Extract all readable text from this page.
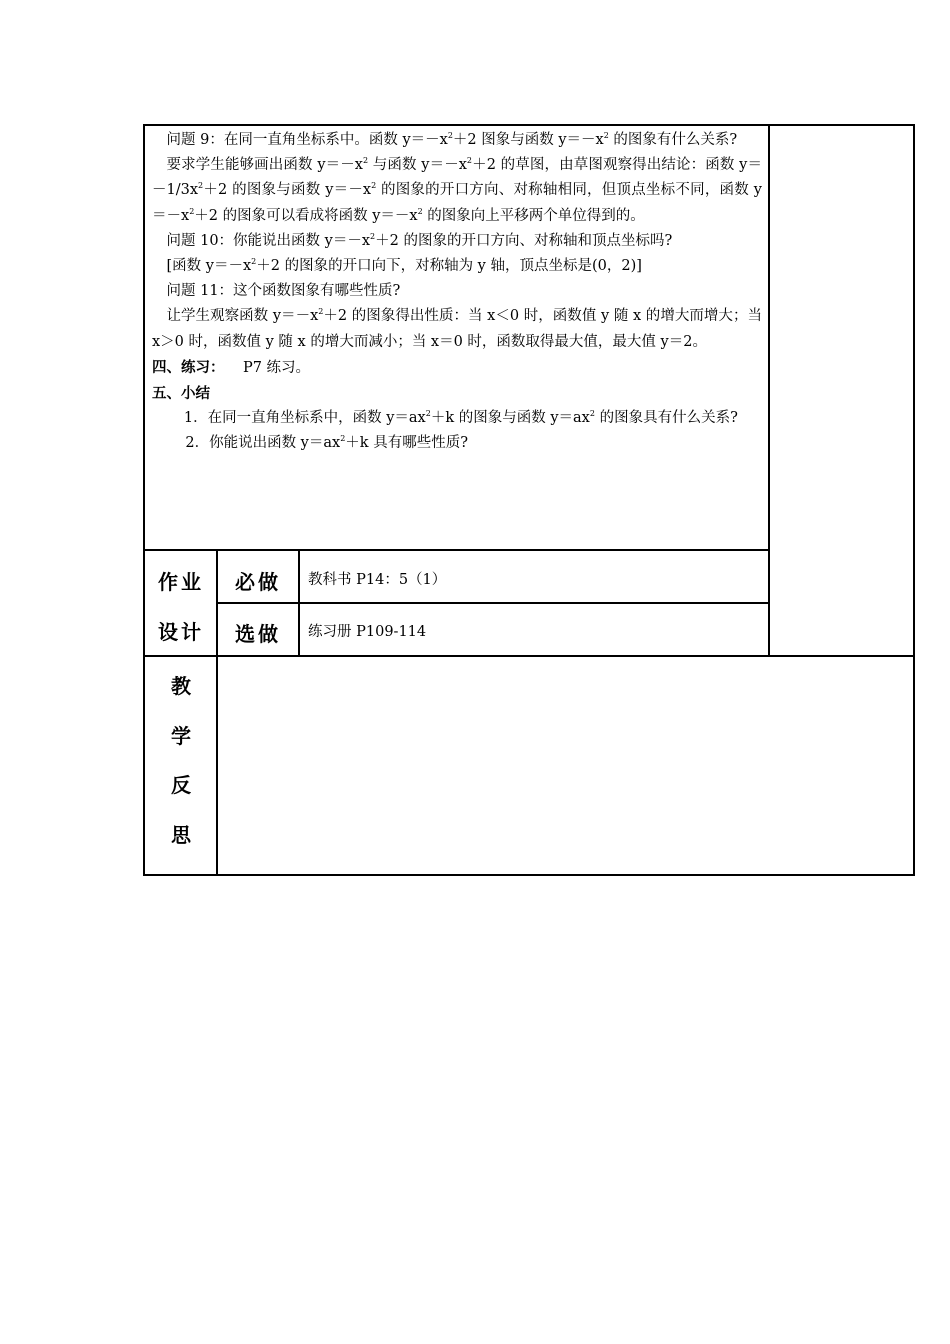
问题 9：在同一直角坐标系中。函数 $y=-x^2+2$ 图象与函数 $y=-x^2$ 的图象有什么关系?

要求学生能够画出函数 $y=-x^2$ 与函数 $y=-x^2+2$ 的草图，由草图观察得出结论：函数 $y=-1/3x^2+2$ 的图象与函数 $y=-x^2$ 的图象的开口方向、对称轴相同，但顶点坐标不同，函数 $y=-x^2+2$ 的图象可以看成将函数 $y=-x^2$ 的图象向上平移两个单位得到的。

问题 10：你能说出函数 $y=-x^2+2$ 的图象的开口方向、对称轴和顶点坐标吗?

[函数 $y=-x^2+2$ 的图象的开口向下，对称轴为 y 轴，顶点坐标是(0，2)]

问题 11：这个函数图象有哪些性质?

让学生观察函数 $y=-x^2+2$ 的图象得出性质：当 x＜0 时，函数值 y 随 x 的增大而增大；当 x＞0 时，函数值 y 随 x 的增大而减小；当 x＝0 时，函数取得最大值，最大值 y＝2。

四、练习： P7 练习。

五、小结

1．在同一直角坐标系中，函数 $y=ax^2+k$ 的图象与函数 $y=ax^2$ 的图象具有什么关系?

2．你能说出函数 $y=ax^2+k$ 具有哪些性质?

作业
设计
必做	教科书 P14：5（1）
选做	练习册 P109-114
教
学
反
思
